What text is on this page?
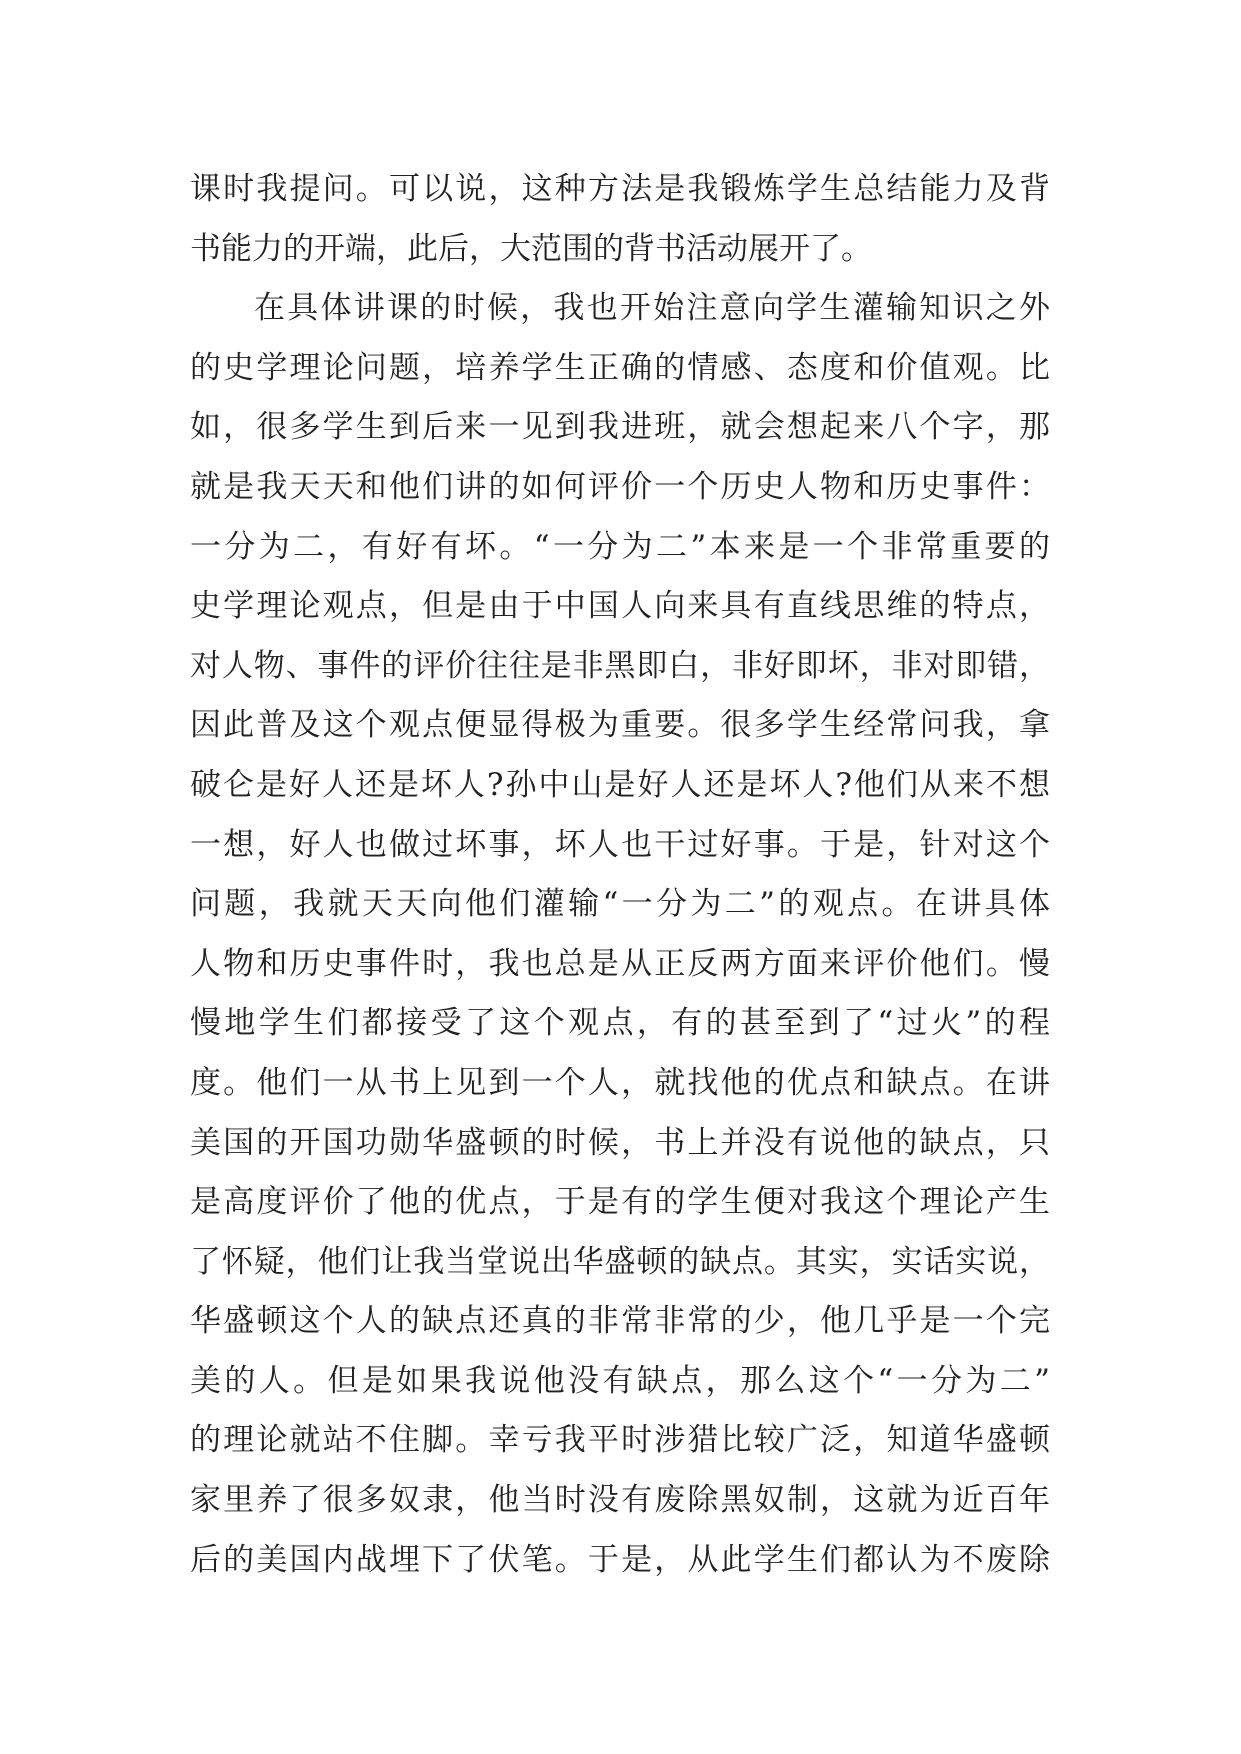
课时我提问。可以说，这种方法是我锻炼学生总结能力及背
书能力的开端，此后，大范围的背书活动展开了。
在具体讲课的时候，我也开始注意向学生灌输知识之外
的史学理论问题，培养学生正确的情感、态度和价值观。比
如，很多学生到后来一见到我进班，就会想起来八个字，那
就是我天天和他们讲的如何评价一个历史人物和历史事件：
一分为二，有好有坏。“一分为二”本来是一个非常重要的
史学理论观点，但是由于中国人向来具有直线思维的特点，
对人物、事件的评价往往是非黑即白，非好即坏，非对即错，
因此普及这个观点便显得极为重要。很多学生经常问我，拿
破仑是好人还是坏人?孙中山是好人还是坏人?他们从来不想
一想，好人也做过坏事，坏人也干过好事。于是，针对这个
问题，我就天天向他们灌输“一分为二”的观点。在讲具体
人物和历史事件时，我也总是从正反两方面来评价他们。慢
慢地学生们都接受了这个观点，有的甚至到了“过火”的程
度。他们一从书上见到一个人，就找他的优点和缺点。在讲
美国的开国功勋华盛顿的时候，书上并没有说他的缺点，只
是高度评价了他的优点，于是有的学生便对我这个理论产生
了怀疑，他们让我当堂说出华盛顿的缺点。其实，实话实说，
华盛顿这个人的缺点还真的非常非常的少，他几乎是一个完
美的人。但是如果我说他没有缺点，那么这个“一分为二”
的理论就站不住脚。幸亏我平时涉猎比较广泛，知道华盛顿
家里养了很多奴隶，他当时没有废除黑奴制，这就为近百年
后的美国内战埋下了伏笔。于是，从此学生们都认为不废除
